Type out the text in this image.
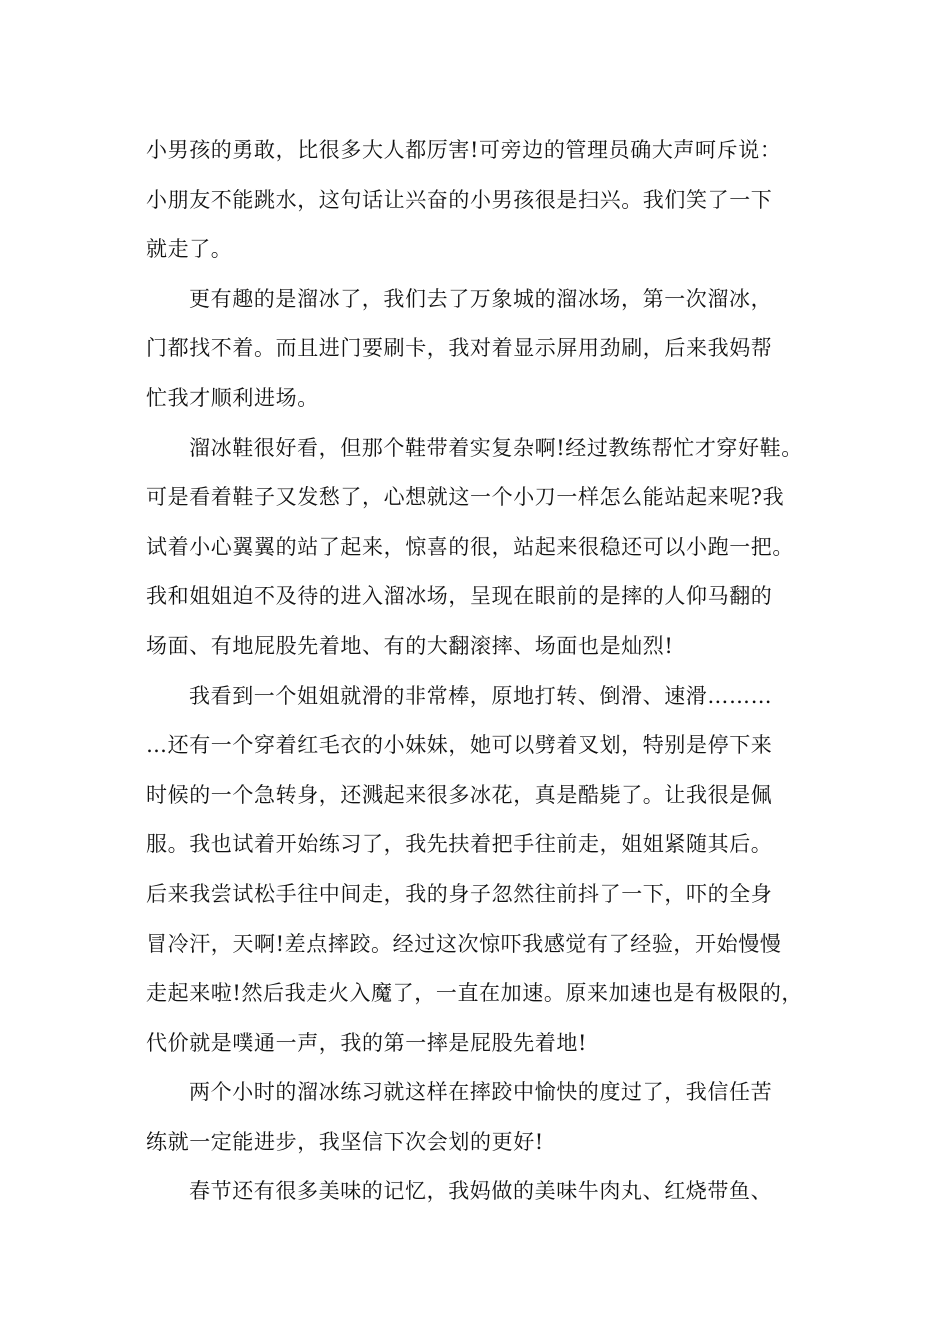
小男孩的勇敢，比很多大人都厉害!可旁边的管理员确大声呵斥说：
小朋友不能跳水，这句话让兴奋的小男孩很是扫兴。我们笑了一下
就走了。

更有趣的是溜冰了，我们去了万象城的溜冰场，第一次溜冰，
门都找不着。而且进门要刷卡，我对着显示屏用劲刷，后来我妈帮
忙我才顺利进场。

溜冰鞋很好看，但那个鞋带着实复杂啊!经过教练帮忙才穿好鞋。
可是看着鞋子又发愁了，心想就这一个小刀一样怎么能站起来呢?我
试着小心翼翼的站了起来，惊喜的很，站起来很稳还可以小跑一把。
我和姐姐迫不及待的进入溜冰场，呈现在眼前的是摔的人仰马翻的
场面、有地屁股先着地、有的大翻滚摔、场面也是灿烈!

我看到一个姐姐就滑的非常棒，原地打转、倒滑、速滑………
…还有一个穿着红毛衣的小妹妹，她可以劈着叉划，特别是停下来
时候的一个急转身，还溅起来很多冰花，真是酷毙了。让我很是佩
服。我也试着开始练习了，我先扶着把手往前走，姐姐紧随其后。
后来我尝试松手往中间走，我的身子忽然往前抖了一下，吓的全身
冒冷汗，天啊!差点摔跤。经过这次惊吓我感觉有了经验，开始慢慢
走起来啦!然后我走火入魔了，一直在加速。原来加速也是有极限的，
代价就是噗通一声，我的第一摔是屁股先着地!

两个小时的溜冰练习就这样在摔跤中愉快的度过了，我信任苦
练就一定能进步，我坚信下次会划的更好!

春节还有很多美味的记忆，我妈做的美味牛肉丸、红烧带鱼、
